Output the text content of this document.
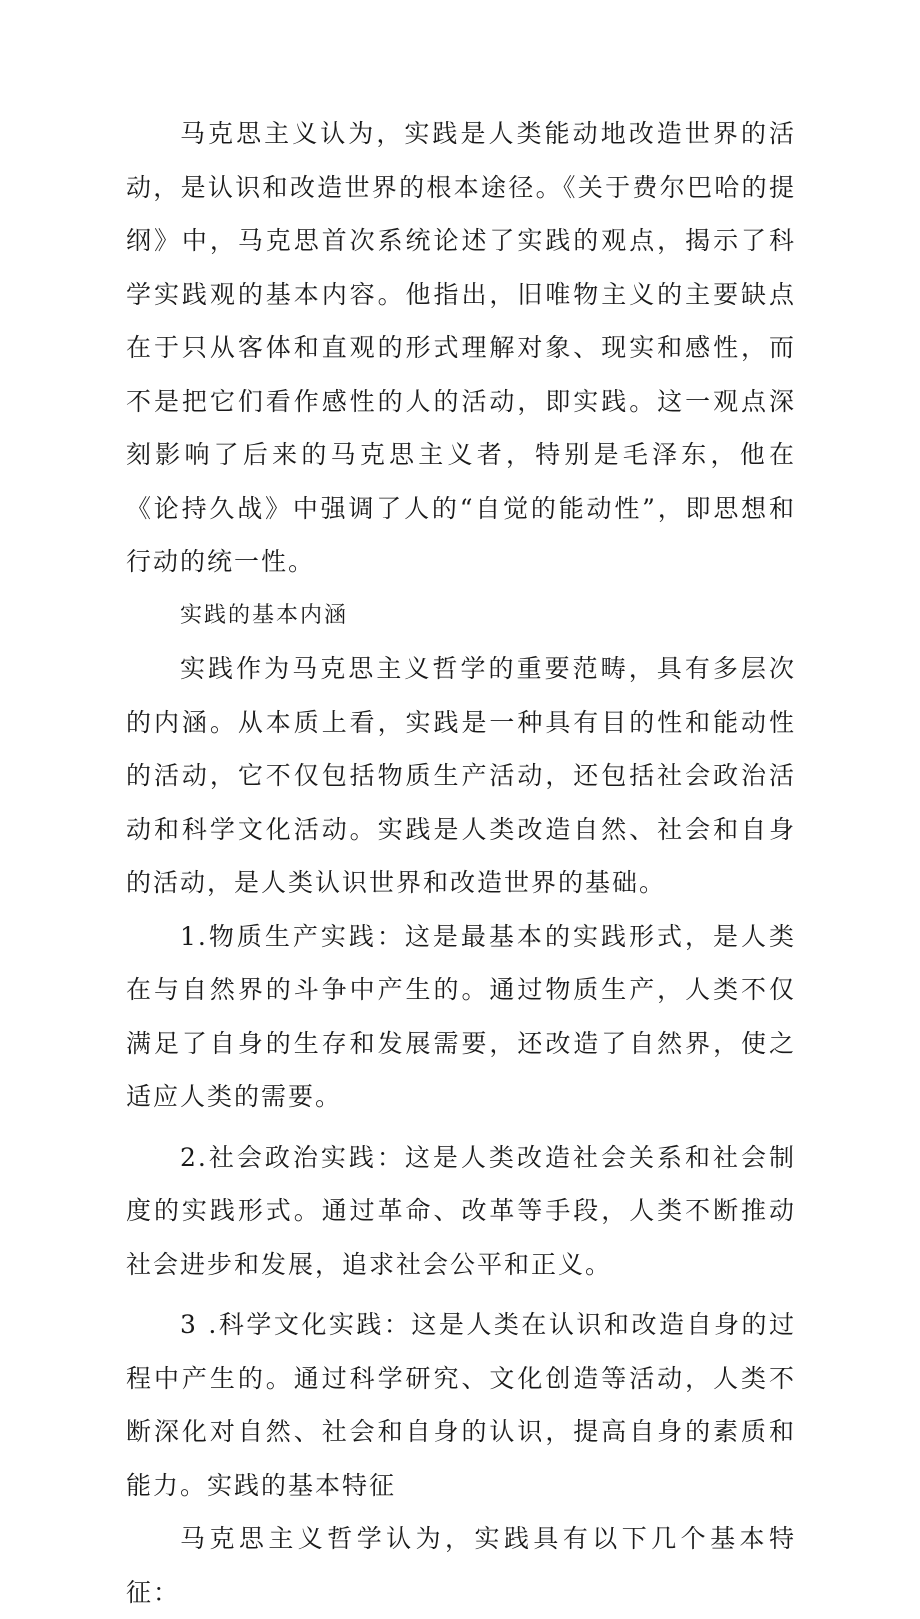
马克思主义认为，实践是人类能动地改造世界的活动，是认识和改造世界的根本途径。《关于费尔巴哈的提纲》中，马克思首次系统论述了实践的观点，揭示了科学实践观的基本内容。他指出，旧唯物主义的主要缺点在于只从客体和直观的形式理解对象、现实和感性，而不是把它们看作感性的人的活动，即实践。这一观点深刻影响了后来的马克思主义者，特别是毛泽东，他在《论持久战》中强调了人的“自觉的能动性”，即思想和行动的统一性。

实践的基本内涵

实践作为马克思主义哲学的重要范畴，具有多层次的内涵。从本质上看，实践是一种具有目的性和能动性的活动，它不仅包括物质生产活动，还包括社会政治活动和科学文化活动。实践是人类改造自然、社会和自身的活动，是人类认识世界和改造世界的基础。

1.物质生产实践：这是最基本的实践形式，是人类在与自然界的斗争中产生的。通过物质生产，人类不仅满足了自身的生存和发展需要，还改造了自然界，使之适应人类的需要。

2.社会政治实践：这是人类改造社会关系和社会制度的实践形式。通过革命、改革等手段，人类不断推动社会进步和发展，追求社会公平和正义。

3 .科学文化实践：这是人类在认识和改造自身的过程中产生的。通过科学研究、文化创造等活动，人类不断深化对自然、社会和自身的认识，提高自身的素质和能力。实践的基本特征

马克思主义哲学认为，实践具有以下几个基本特征：
